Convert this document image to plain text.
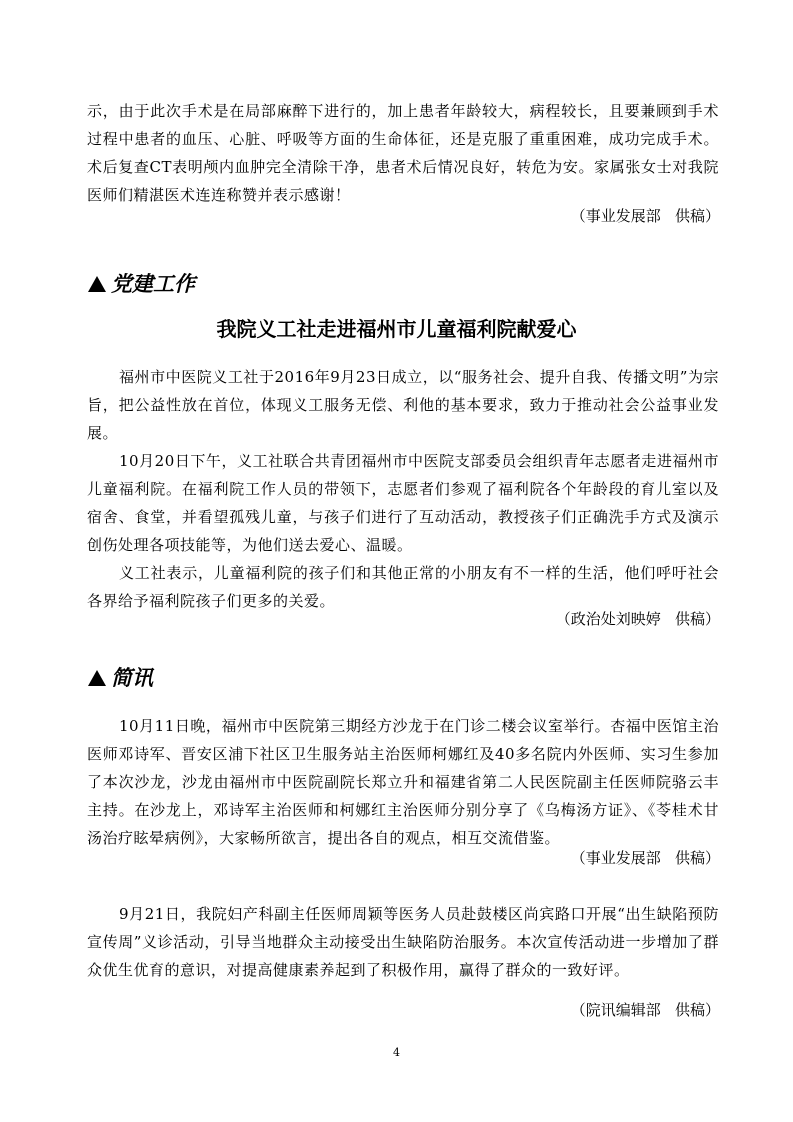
示，由于此次手术是在局部麻醉下进行的，加上患者年龄较大，病程较长，且要兼顾到手术过程中患者的血压、心脏、呼吸等方面的生命体征，还是克服了重重困难，成功完成手术。术后复查CT表明颅内血肿完全清除干净，患者术后情况良好，转危为安。家属张女士对我院医师们精湛医术连连称赞并表示感谢！

（事业发展部   供稿）

党建工作
我院义工社走进福州市儿童福利院献爱心

福州市中医院义工社于2016年9月23日成立，以“服务社会、提升自我、传播文明”为宗旨，把公益性放在首位，体现义工服务无偿、利他的基本要求，致力于推动社会公益事业发展。

10月20日下午，义工社联合共青团福州市中医院支部委员会组织青年志愿者走进福州市儿童福利院。在福利院工作人员的带领下，志愿者们参观了福利院各个年龄段的育儿室以及宿舍、食堂，并看望孤残儿童，与孩子们进行了互动活动，教授孩子们正确洗手方式及演示创伤处理各项技能等，为他们送去爱心、温暖。

义工社表示，儿童福利院的孩子们和其他正常的小朋友有不一样的生活，他们呼吁社会各界给予福利院孩子们更多的关爱。

（政治处刘映婷   供稿）

简讯

10月11日晚，福州市中医院第三期经方沙龙于在门诊二楼会议室举行。杏福中医馆主治医师邓诗军、晋安区浦下社区卫生服务站主治医师柯娜红及40多名院内外医师、实习生参加了本次沙龙，沙龙由福州市中医院副院长郑立升和福建省第二人民医院副主任医师院骆云丰主持。在沙龙上，邓诗军主治医师和柯娜红主治医师分别分享了《乌梅汤方证》、《苓桂术甘汤治疗眩晕病例》，大家畅所欲言，提出各自的观点，相互交流借鉴。

（事业发展部   供稿）

9月21日，我院妇产科副主任医师周颖等医务人员赴鼓楼区尚宾路口开展“出生缺陷预防宣传周”义诊活动，引导当地群众主动接受出生缺陷防治服务。本次宣传活动进一步增加了群众优生优育的意识，对提高健康素养起到了积极作用，赢得了群众的一致好评。

（院讯编辑部   供稿）

4
